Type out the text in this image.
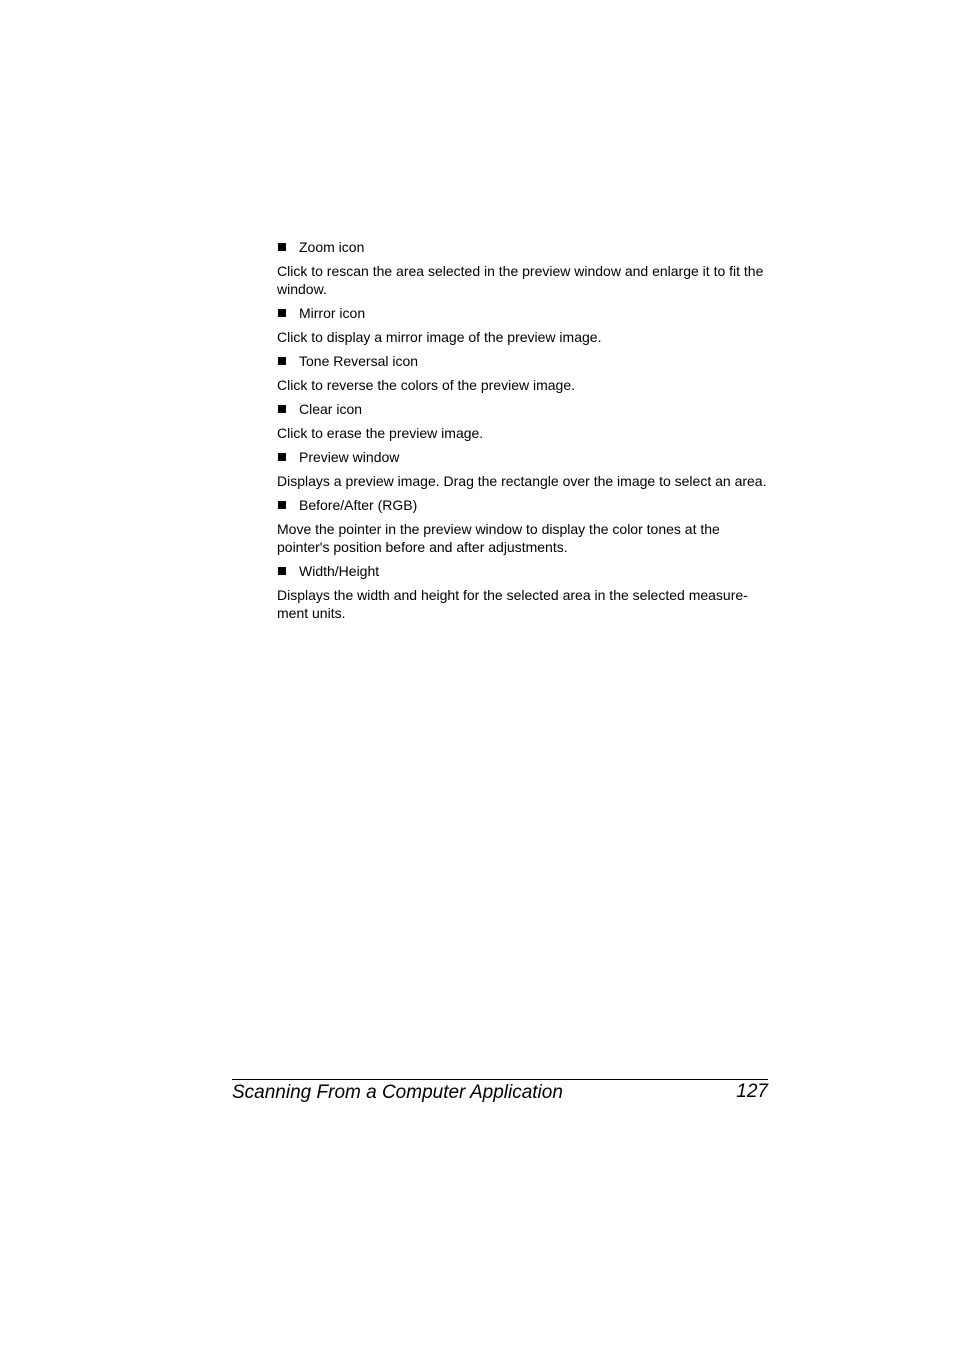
Zoom icon

Click to rescan the area selected in the preview window and enlarge it to fit the window.

Mirror icon

Click to display a mirror image of the preview image.

Tone Reversal icon

Click to reverse the colors of the preview image.

Clear icon

Click to erase the preview image.

Preview window

Displays a preview image. Drag the rectangle over the image to select an area.

Before/After (RGB)

Move the pointer in the preview window to display the color tones at the pointer's position before and after adjustments.

Width/Height

Displays the width and height for the selected area in the selected measure-ment units.

Scanning From a Computer Application	127
